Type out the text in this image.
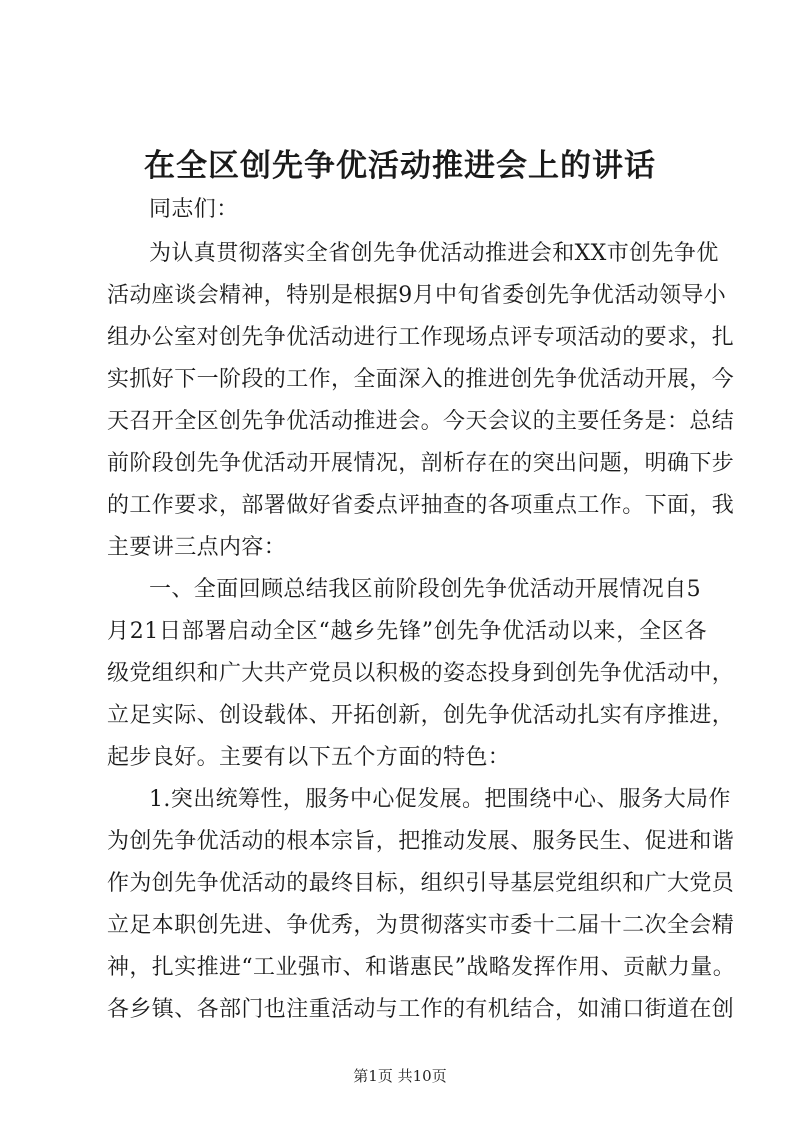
在全区创先争优活动推进会上的讲话
同志们：
为认真贯彻落实全省创先争优活动推进会和XX市创先争优
活动座谈会精神，特别是根据9月中旬省委创先争优活动领导小
组办公室对创先争优活动进行工作现场点评专项活动的要求，扎
实抓好下一阶段的工作，全面深入的推进创先争优活动开展，今
天召开全区创先争优活动推进会。今天会议的主要任务是：总结
前阶段创先争优活动开展情况，剖析存在的突出问题，明确下步
的工作要求，部署做好省委点评抽查的各项重点工作。下面，我
主要讲三点内容：
一、全面回顾总结我区前阶段创先争优活动开展情况自5
月21日部署启动全区“越乡先锋”创先争优活动以来，全区各
级党组织和广大共产党员以积极的姿态投身到创先争优活动中，
立足实际、创设载体、开拓创新，创先争优活动扎实有序推进，
起步良好。主要有以下五个方面的特色：
1.突出统筹性，服务中心促发展。把围绕中心、服务大局作
为创先争优活动的根本宗旨，把推动发展、服务民生、促进和谐
作为创先争优活动的最终目标，组织引导基层党组织和广大党员
立足本职创先进、争优秀，为贯彻落实市委十二届十二次全会精
神，扎实推进“工业强市、和谐惠民”战略发挥作用、贡献力量。
各乡镇、各部门也注重活动与工作的有机结合，如浦口街道在创
第1页 共10页
